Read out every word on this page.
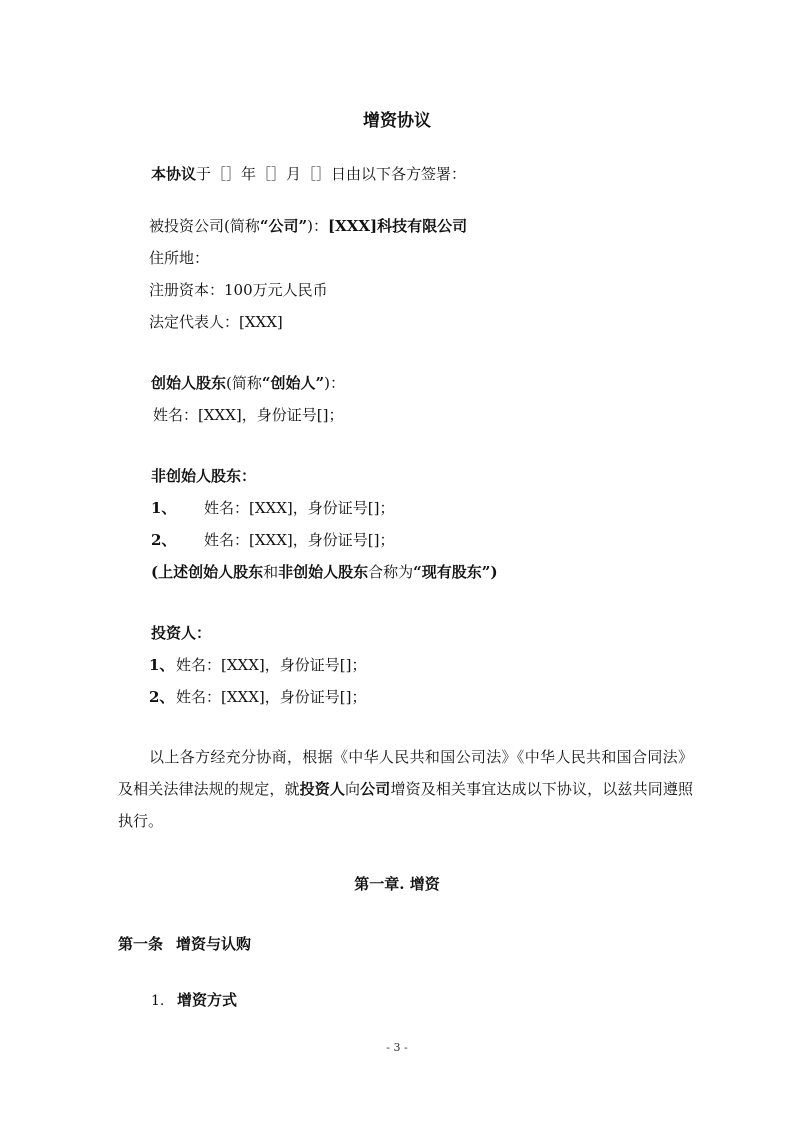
增资协议
本协议于［］年［］月［］日由以下各方签署：
被投资公司(简称“公司”)：[XXX]科技有限公司
住所地：
注册资本：100万元人民币
法定代表人：[XXX]
创始人股东(简称“创始人”)：
姓名：[XXX]，身份证号[]；
非创始人股东：
1、 姓名：[XXX]，身份证号[]；
2、 姓名：[XXX]，身份证号[]；
(上述创始人股东和非创始人股东合称为“现有股东”)
投资人：
1、 姓名：[XXX]，身份证号[]；
2、 姓名：[XXX]，身份证号[]；
以上各方经充分协商，根据《中华人民共和国公司法》《中华人民共和国合同法》及相关法律法规的规定，就投资人向公司增资及相关事宜达成以下协议，以兹共同遵照执行。
第一章. 增资
第一条 增资与认购
1. 增资方式
- 3 -
